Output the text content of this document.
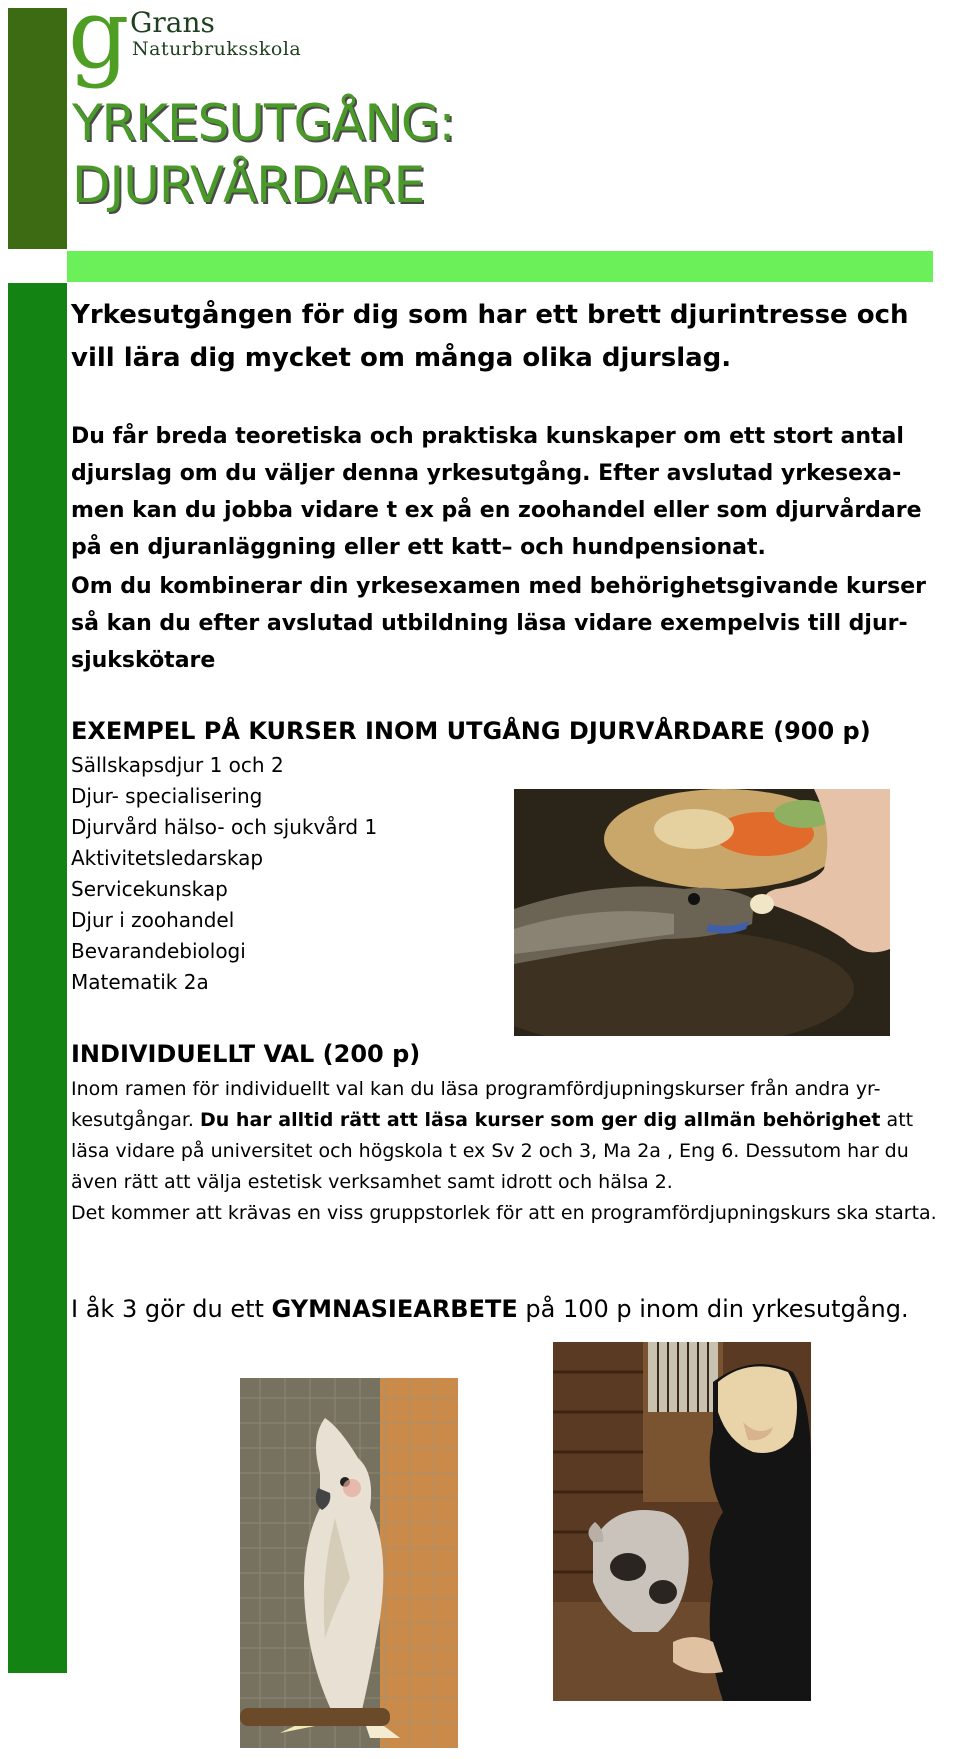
g Grans
Naturbruksskola
YRKESUTGÅNG:
DJURVÅRDARE
Yrkesutgången för dig som har ett brett djurintresse och vill lära dig mycket om många olika djurslag.
Du får breda teoretiska och praktiska kunskaper om ett stort antal djurslag om du väljer denna yrkesutgång. Efter avslutad yrkesexa-men kan du jobba vidare t ex på en zoohandel eller som djurvårdare på en djuranläggning eller ett katt– och hundpensionat.
Om du kombinerar din yrkesexamen med behörighetsgivande kurser så kan du efter avslutad utbildning läsa vidare exempelvis till djur-sjukskötare
EXEMPEL PÅ KURSER INOM UTGÅNG DJURVÅRDARE (900 p)
Sällskapsdjur 1 och 2
Djur- specialisering
Djurvård hälso- och sjukvård 1
Aktivitetsledarskap
Servicekunskap
Djur i zoohandel
Bevarandebiologi
Matematik 2a
INDIVIDUELLT VAL (200 p)
Inom ramen för individuellt val kan du läsa programfördjupningskurser från andra yr-kesutgångar. Du har alltid rätt att läsa kurser som ger dig allmän behörighet att läsa vidare på universitet och högskola t ex Sv 2 och 3, Ma 2a , Eng 6. Dessutom har du även rätt att välja estetisk verksamhet samt idrott och hälsa 2.
Det kommer att krävas en viss gruppstorlek för att en programfördjupningskurs ska starta.
I åk 3 gör du ett GYMNASIEARBETE på 100 p inom din yrkesutgång.
